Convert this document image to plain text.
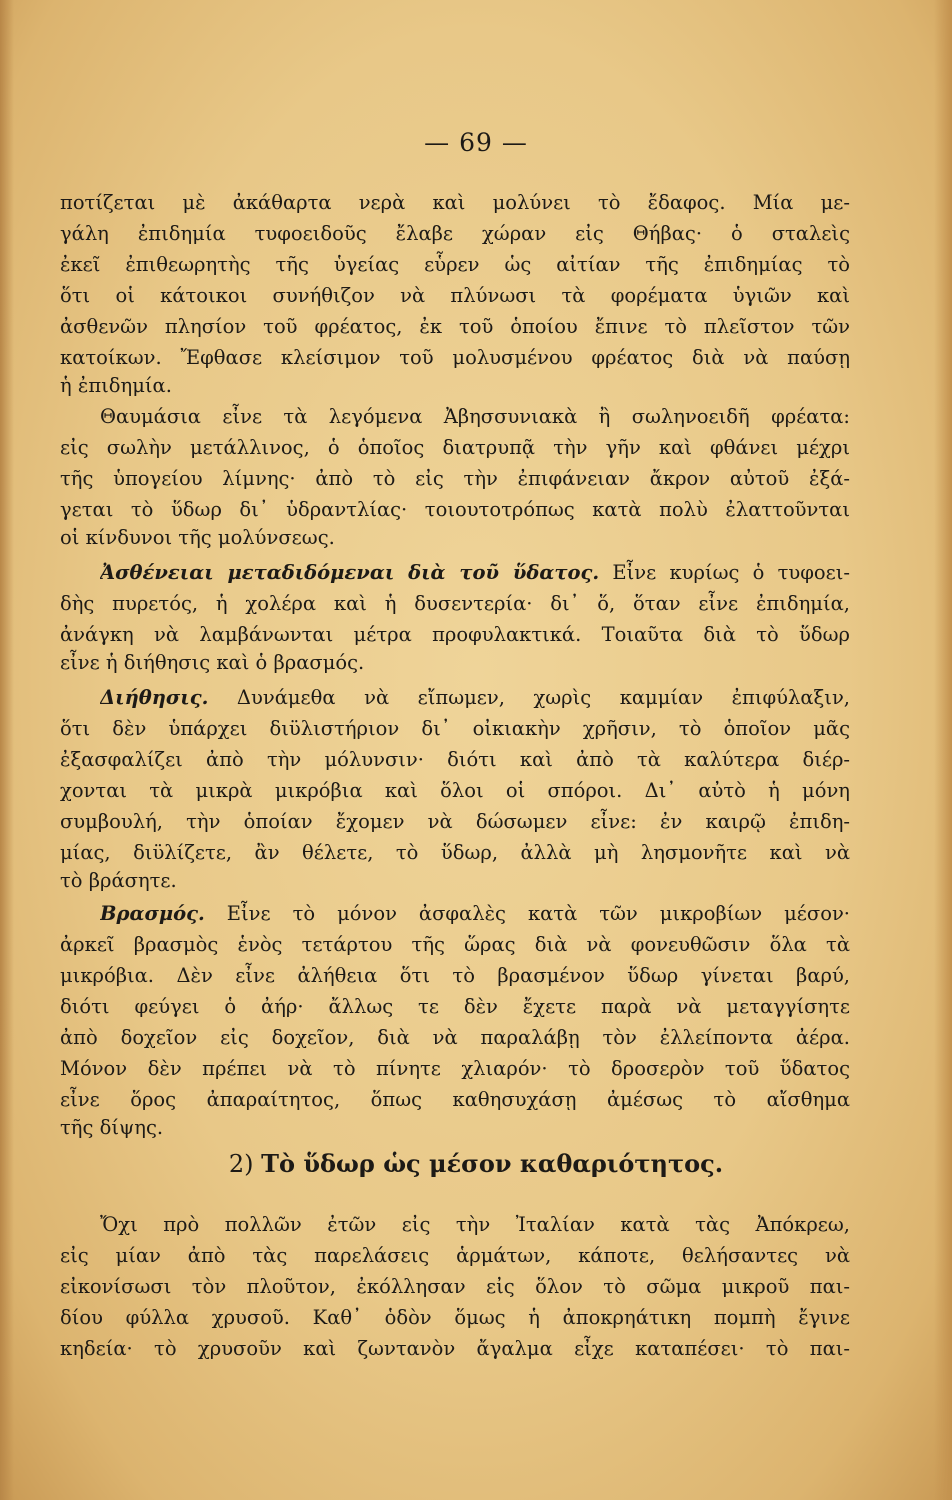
— 69 —
ποτίζεται μὲ ἀκάθαρτα νερὰ καὶ μολύνει τὸ ἔδαφος. Μία με-
γάλη ἐπιδημία τυφοειδοῦς ἔλαβε χώραν εἰς Θήβας· ὁ σταλεὶς
ἐκεῖ ἐπιθεωρητὴς τῆς ὑγείας εὗρεν ὡς αἰτίαν τῆς ἐπιδημίας τὸ
ὅτι οἱ κάτοικοι συνήθιζον νὰ πλύνωσι τὰ φορέματα ὑγιῶν καὶ
ἀσθενῶν πλησίον τοῦ φρέατος, ἐκ τοῦ ὁποίου ἔπινε τὸ πλεῖστον τῶν
κατοίκων. Ἔφθασε κλείσιμον τοῦ μολυσμένου φρέατος διὰ νὰ παύσῃ
ἡ ἐπιδημία.
Θαυμάσια εἶνε τὰ λεγόμενα Ἀβησσυνιακὰ ἢ σωληνοειδῆ φρέατα:
εἰς σωλὴν μετάλλινος, ὁ ὁποῖος διατρυπᾷ τὴν γῆν καὶ φθάνει μέχρι
τῆς ὑπογείου λίμνης· ἀπὸ τὸ εἰς τὴν ἐπιφάνειαν ἄκρον αὐτοῦ ἐξά-
γεται τὸ ὕδωρ δι᾽ ὑδραντλίας· τοιουτοτρόπως κατὰ πολὺ ἐλαττοῦνται
οἱ κίνδυνοι τῆς μολύνσεως.
Ἀσθένειαι μεταδιδόμεναι διὰ τοῦ ὕδατος. Εἶνε κυρίως ὁ τυφοει-
δὴς πυρετός, ἡ χολέρα καὶ ἡ δυσεντερία· δι᾽ ὅ, ὅταν εἶνε ἐπιδημία,
ἀνάγκη νὰ λαμβάνωνται μέτρα προφυλακτικά. Τοιαῦτα διὰ τὸ ὕδωρ
εἶνε ἡ διήθησις καὶ ὁ βρασμός.
Διήθησις. Δυνάμεθα νὰ εἴπωμεν, χωρὶς καμμίαν ἐπιφύλαξιν,
ὅτι δὲν ὑπάρχει διϋλιστήριον δι᾽ οἰκιακὴν χρῆσιν, τὸ ὁποῖον μᾶς
ἐξασφαλίζει ἀπὸ τὴν μόλυνσιν· διότι καὶ ἀπὸ τὰ καλύτερα διέρ-
χονται τὰ μικρὰ μικρόβια καὶ ὅλοι οἱ σπόροι. Δι᾽ αὐτὸ ἡ μόνη
συμβουλή, τὴν ὁποίαν ἔχομεν νὰ δώσωμεν εἶνε: ἐν καιρῷ ἐπιδη-
μίας, διϋλίζετε, ἂν θέλετε, τὸ ὕδωρ, ἀλλὰ μὴ λησμονῆτε καὶ νὰ
τὸ βράσητε.
Βρασμός. Εἶνε τὸ μόνον ἀσφαλὲς κατὰ τῶν μικροβίων μέσον·
ἀρκεῖ βρασμὸς ἑνὸς τετάρτου τῆς ὥρας διὰ νὰ φονευθῶσιν ὅλα τὰ
μικρόβια. Δὲν εἶνε ἀλήθεια ὅτι τὸ βρασμένον ὕδωρ γίνεται βαρύ,
διότι φεύγει ὁ ἀήρ· ἄλλως τε δὲν ἔχετε παρὰ νὰ μεταγγίσητε
ἀπὸ δοχεῖον εἰς δοχεῖον, διὰ νὰ παραλάβῃ τὸν ἐλλείποντα ἀέρα.
Μόνον δὲν πρέπει νὰ τὸ πίνητε χλιαρόν· τὸ δροσερὸν τοῦ ὕδατος
εἶνε ὅρος ἀπαραίτητος, ὅπως καθησυχάσῃ ἀμέσως τὸ αἴσθημα
τῆς δίψης.
2) Τὸ ὕδωρ ὡς μέσον καθαριότητος.
Ὄχι πρὸ πολλῶν ἐτῶν εἰς τὴν Ἰταλίαν κατὰ τὰς Ἀπόκρεω,
εἰς μίαν ἀπὸ τὰς παρελάσεις ἁρμάτων, κάποτε, θελήσαντες νὰ
εἰκονίσωσι τὸν πλοῦτον, ἐκόλλησαν εἰς ὅλον τὸ σῶμα μικροῦ παι-
δίου φύλλα χρυσοῦ. Καθ᾽ ὁδὸν ὅμως ἡ ἀποκρηάτικη πομπὴ ἔγινε
κηδεία· τὸ χρυσοῦν καὶ ζωντανὸν ἄγαλμα εἶχε καταπέσει· τὸ παι-
